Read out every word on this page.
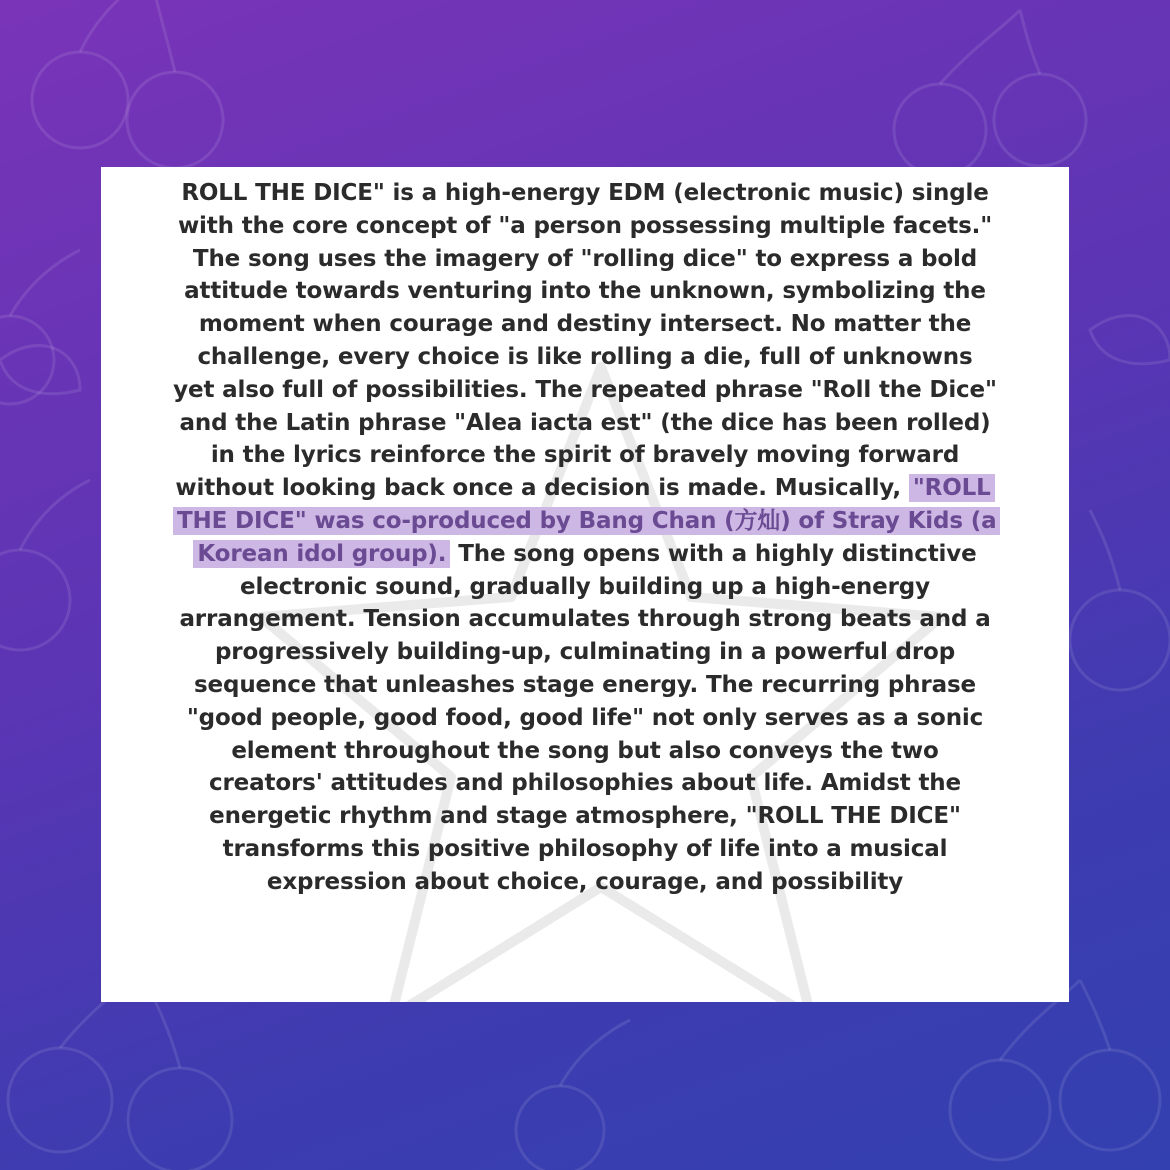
ROLL THE DICE" is a high-energy EDM (electronic music) single with the core concept of "a person possessing multiple facets." The song uses the imagery of "rolling dice" to express a bold attitude towards venturing into the unknown, symbolizing the moment when courage and destiny intersect. No matter the challenge, every choice is like rolling a die, full of unknowns yet also full of possibilities. The repeated phrase "Roll the Dice" and the Latin phrase "Alea iacta est" (the dice has been rolled) in the lyrics reinforce the spirit of bravely moving forward without looking back once a decision is made. Musically, "ROLL THE DICE" was co-produced by Bang Chan (方灿) of Stray Kids (a Korean idol group). The song opens with a highly distinctive electronic sound, gradually building up a high-energy arrangement. Tension accumulates through strong beats and a progressively building-up, culminating in a powerful drop sequence that unleashes stage energy. The recurring phrase "good people, good food, good life" not only serves as a sonic element throughout the song but also conveys the two creators' attitudes and philosophies about life. Amidst the energetic rhythm and stage atmosphere, "ROLL THE DICE" transforms this positive philosophy of life into a musical expression about choice, courage, and possibility
